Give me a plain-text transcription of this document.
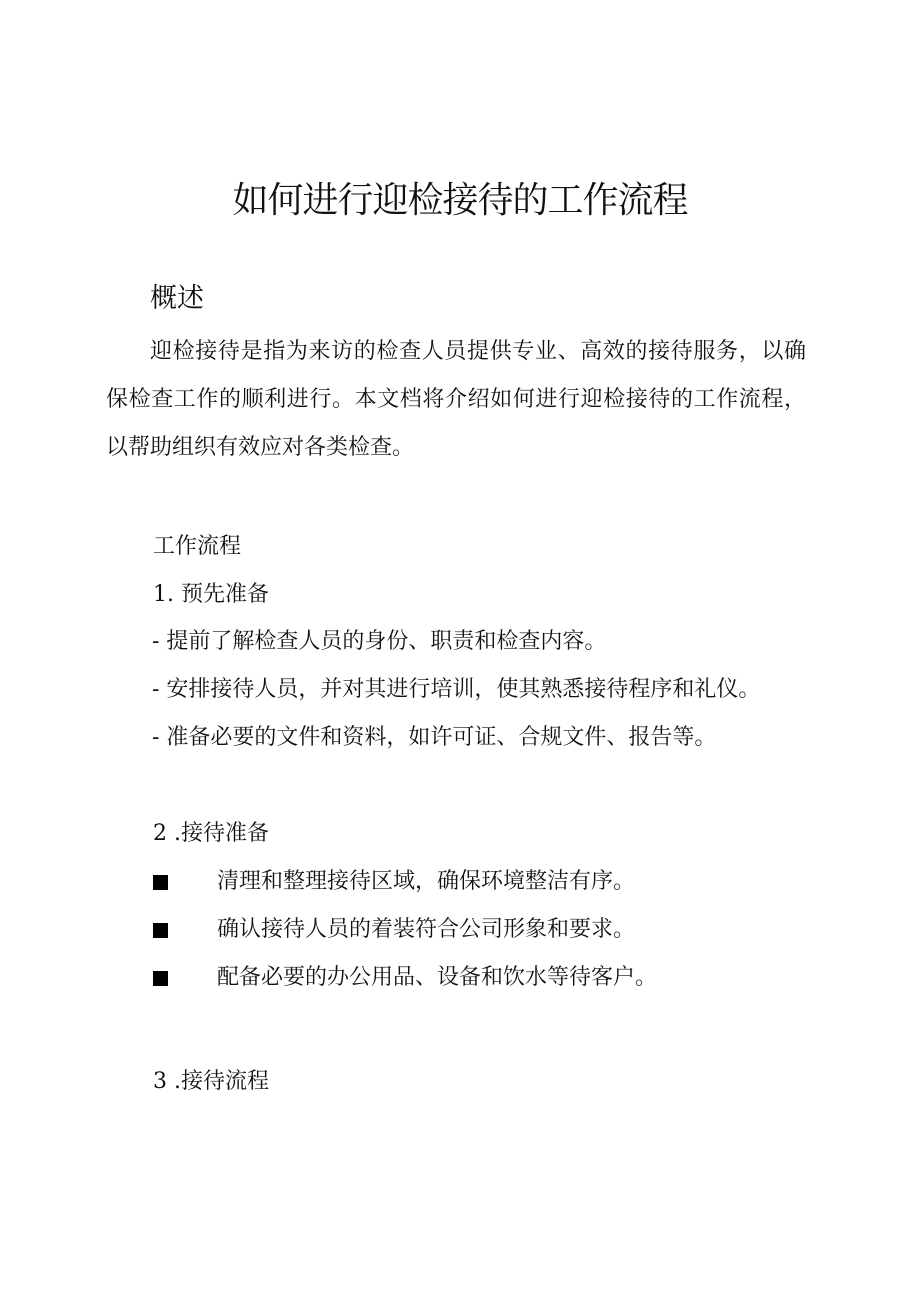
如何进行迎检接待的工作流程
概述

迎检接待是指为来访的检查人员提供专业、高效的接待服务，以确保检查工作的顺利进行。本文档将介绍如何进行迎检接待的工作流程，以帮助组织有效应对各类检查。

工作流程

1. 预先准备

- 提前了解检查人员的身份、职责和检查内容。

- 安排接待人员，并对其进行培训，使其熟悉接待程序和礼仪。

- 准备必要的文件和资料，如许可证、合规文件、报告等。

2 .接待准备

清理和整理接待区域，确保环境整洁有序。
确认接待人员的着装符合公司形象和要求。
配备必要的办公用品、设备和饮水等待客户。

3 .接待流程
